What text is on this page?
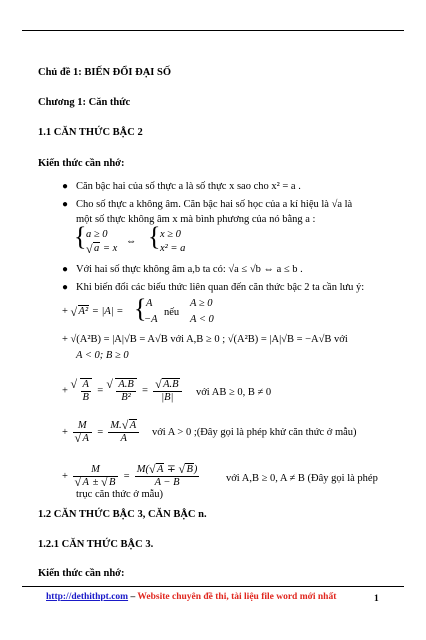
Chủ đề 1: BIẾN ĐỔI ĐẠI SỐ
Chương 1: Căn thức
1.1 CĂN THỨC BẬC 2
Kiến thức cần nhớ:
● Căn bậc hai của số thực a là số thực x sao cho x² = a .
● Cho số thực a không âm. Căn bậc hai số học của a kí hiệu là √a là
một số thực không âm x mà bình phương của nó bằng a :
{ a ≥ 0
√ a = x
⇔ { x ≥ 0
x² = a
● Với hai số thực không âm a,b ta có: √a ≤ √b ⇔ a ≤ b .
● Khi biến đổi các biểu thức liên quan đến căn thức bậc 2 ta cần lưu ý:
+ √ A² = |A| = { A
−A
nếu
A ≥ 0
A < 0
+ √(A²B) = |A|√B = A√B với A,B ≥ 0 ; √(A²B) = |A|√B = −A√B với
A < 0; B ≥ 0
+ √ $\frac{A}{B}$ = √ $\frac{A.B}{\text{B²}}$ = √ $\frac{A.B}{|B|}$ với AB ≥ 0, B ≠ 0
+ M
√ $A = \frac{M. √ A}{A}$ với A > 0 ;(Đây gọi là phép khử căn thức ở mẫu)
+ M
√ A ± √ $B = \frac{M( √ A \mp √ B)}{A - B}$	với A,B ≥ 0, A ≠ B (Đây gọi là phép
trục căn thức ở mẫu)
1.2 CĂN THỨC BẬC 3, CĂN BẬC n.
1.2.1 CĂN THỨC BẬC 3.
Kiến thức cần nhớ:
http://dethithpt.com – Website chuyên đề thi, tài liệu file word mới nhất	1
